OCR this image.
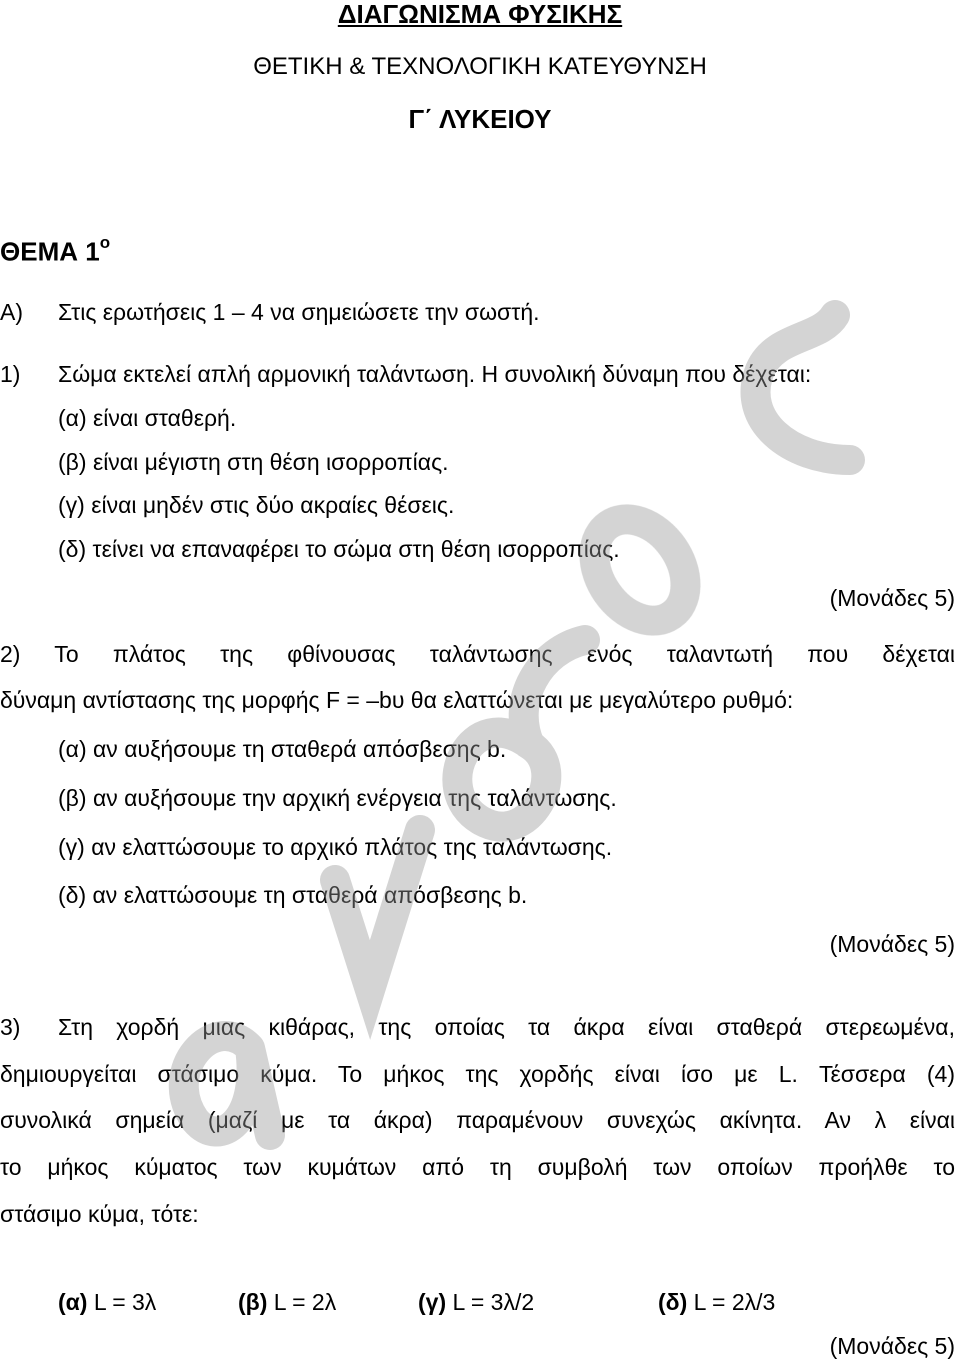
ΔΙΑΓΩΝΙΣΜΑ ΦΥΣΙΚΗΣ
ΘΕΤΙΚΗ & ΤΕΧΝΟΛΟΓΙΚΗ ΚΑΤΕΥΘΥΝΣΗ
Γ΄ ΛΥΚΕΙΟΥ
ΘΕΜΑ $1^o$
Α) Στις ερωτήσεις 1 – 4 να σημειώσετε την σωστή.
1) Σώμα εκτελεί απλή αρμονική ταλάντωση. Η συνολική δύναμη που δέχεται:
(α) είναι σταθερή.
(β) είναι μέγιστη στη θέση ισορροπίας.
(γ) είναι μηδέν στις δύο ακραίες θέσεις.
(δ) τείνει να επαναφέρει το σώμα στη θέση ισορροπίας.
(Μονάδες 5)
2) Το πλάτος της φθίνουσας ταλάντωσης ενός ταλαντωτή που δέχεται
δύναμη αντίστασης της μορφής F = –bυ θα ελαττώνεται με μεγαλύτερο ρυθμό:
(α) αν αυξήσουμε τη σταθερά απόσβεσης b.
(β) αν αυξήσουμε την αρχική ενέργεια της ταλάντωσης.
(γ) αν ελαττώσουμε το αρχικό πλάτος της ταλάντωσης.
(δ) αν ελαττώσουμε τη σταθερά απόσβεσης b.
(Μονάδες 5)
3) Στη χορδή μιας κιθάρας, της οποίας τα άκρα είναι σταθερά στερεωμένα,
δημιουργείται στάσιμο κύμα. Το μήκος της χορδής είναι ίσο με L. Τέσσερα (4)
συνολικά σημεία (μαζί με τα άκρα) παραμένουν συνεχώς ακίνητα. Αν λ είναι
το μήκος κύματος των κυμάτων από τη συμβολή των οποίων προήλθε το
στάσιμο κύμα, τότε:
(α) L = 3λ	(β) L = 2λ	(γ) L = 3λ/2	(δ) L = 2λ/3
(Μονάδες 5)
